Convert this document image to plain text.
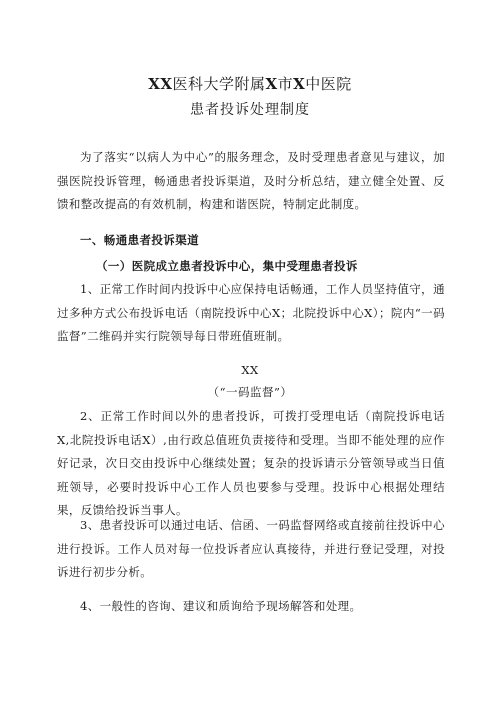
XX医科大学附属X市X中医院
患者投诉处理制度
为了落实“以病人为中心”的服务理念，及时受理患者意见与建议，加强医院投诉管理，畅通患者投诉渠道，及时分析总结，建立健全处置、反馈和整改提高的有效机制，构建和谐医院，特制定此制度。
一、畅通患者投诉渠道
（一）医院成立患者投诉中心，集中受理患者投诉
1、正常工作时间内投诉中心应保持电话畅通，工作人员坚持值守，通过多种方式公布投诉电话（南院投诉中心X；北院投诉中心X）；院内“一码监督”二维码并实行院领导每日带班值班制。
XX
（“一码监督”）
2、正常工作时间以外的患者投诉，可拨打受理电话（南院投诉电话X,北院投诉电话X）,由行政总值班负责接待和受理。当即不能处理的应作好记录，次日交由投诉中心继续处置；复杂的投诉请示分管领导或当日值班领导，必要时投诉中心工作人员也要参与受理。投诉中心根据处理结果，反馈给投诉当事人。
3、患者投诉可以通过电话、信函、一码监督网络或直接前往投诉中心进行投诉。工作人员对每一位投诉者应认真接待，并进行登记受理，对投诉进行初步分析。
4、一般性的咨询、建议和质询给予现场解答和处理。
